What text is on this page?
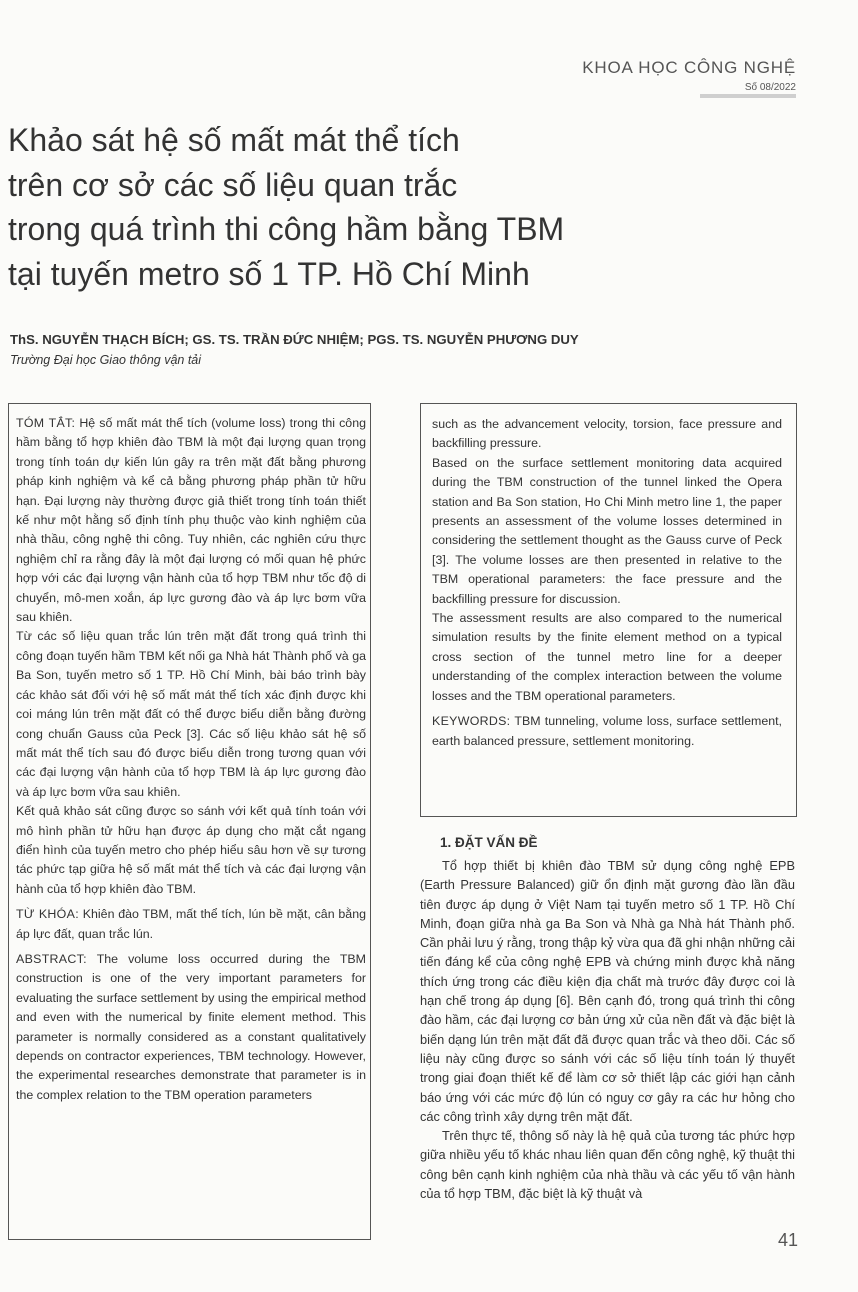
KHOA HỌC CÔNG NGHỆ
Số 08/2022
Khảo sát hệ số mất mát thể tích
trên cơ sở các số liệu quan trắc
trong quá trình thi công hầm bằng TBM
tại tuyến metro số 1 TP. Hồ Chí Minh
ThS. NGUYỄN THẠCH BÍCH; GS. TS. TRẦN ĐỨC NHIỆM; PGS. TS. NGUYỄN PHƯƠNG DUY
Trường Đại học Giao thông vận tải

TÓM TẮT: Hệ số mất mát thể tích (volume loss) trong thi công hầm bằng tổ hợp khiên đào TBM là một đại lượng quan trọng trong tính toán dự kiến lún gây ra trên mặt đất bằng phương pháp kinh nghiệm và kể cả bằng phương pháp phần tử hữu hạn. Đại lượng này thường được giả thiết trong tính toán thiết kế như một hằng số định tính phụ thuộc vào kinh nghiệm của nhà thầu, công nghệ thi công. Tuy nhiên, các nghiên cứu thực nghiệm chỉ ra rằng đây là một đại lượng có mối quan hệ phức hợp với các đại lượng vận hành của tổ hợp TBM như tốc độ di chuyển, mô-men xoắn, áp lực gương đào và áp lực bơm vữa sau khiên.

Từ các số liệu quan trắc lún trên mặt đất trong quá trình thi công đoạn tuyến hầm TBM kết nối ga Nhà hát Thành phố và ga Ba Son, tuyến metro số 1 TP. Hồ Chí Minh, bài báo trình bày các khảo sát đối với hệ số mất mát thể tích xác định được khi coi máng lún trên mặt đất có thể được biểu diễn bằng đường cong chuẩn Gauss của Peck [3]. Các số liệu khảo sát hệ số mất mát thể tích sau đó được biểu diễn trong tương quan với các đại lượng vận hành của tổ hợp TBM là áp lực gương đào và áp lực bơm vữa sau khiên.

Kết quả khảo sát cũng được so sánh với kết quả tính toán với mô hình phần tử hữu hạn được áp dụng cho mặt cắt ngang điển hình của tuyến metro cho phép hiểu sâu hơn về sự tương tác phức tạp giữa hệ số mất mát thể tích và các đại lượng vận hành của tổ hợp khiên đào TBM.

TỪ KHÓA: Khiên đào TBM, mất thể tích, lún bề mặt, cân bằng áp lực đất, quan trắc lún.

ABSTRACT: The volume loss occurred during the TBM construction is one of the very important parameters for evaluating the surface settlement by using the empirical method and even with the numerical by finite element method. This parameter is normally considered as a constant qualitatively depends on contractor experiences, TBM technology. However, the experimental researches demonstrate that parameter is in the complex relation to the TBM operation parameters

such as the advancement velocity, torsion, face pressure and backfilling pressure.

Based on the surface settlement monitoring data acquired during the TBM construction of the tunnel linked the Opera station and Ba Son station, Ho Chi Minh metro line 1, the paper presents an assessment of the volume losses determined in considering the settlement thought as the Gauss curve of Peck [3]. The volume losses are then presented in relative to the TBM operational parameters: the face pressure and the backfilling pressure for discussion.

The assessment results are also compared to the numerical simulation results by the finite element method on a typical cross section of the tunnel metro line for a deeper understanding of the complex interaction between the volume losses and the TBM operational parameters.

KEYWORDS: TBM tunneling, volume loss, surface settlement, earth balanced pressure, settlement monitoring.

1. ĐẶT VẤN ĐỀ

Tổ hợp thiết bị khiên đào TBM sử dụng công nghệ EPB (Earth Pressure Balanced) giữ ổn định mặt gương đào lần đầu tiên được áp dụng ở Việt Nam tại tuyến metro số 1 TP. Hồ Chí Minh, đoạn giữa nhà ga Ba Son và Nhà ga Nhà hát Thành phố. Cần phải lưu ý rằng, trong thập kỷ vừa qua đã ghi nhận những cải tiến đáng kể của công nghệ EPB và chứng minh được khả năng thích ứng trong các điều kiện địa chất mà trước đây được coi là hạn chế trong áp dụng [6]. Bên cạnh đó, trong quá trình thi công đào hầm, các đại lượng cơ bản ứng xử của nền đất và đặc biệt là biến dạng lún trên mặt đất đã được quan trắc và theo dõi. Các số liệu này cũng được so sánh với các số liệu tính toán lý thuyết trong giai đoạn thiết kế để làm cơ sở thiết lập các giới hạn cảnh báo ứng với các mức độ lún có nguy cơ gây ra các hư hỏng cho các công trình xây dựng trên mặt đất.

Trên thực tế, thông số này là hệ quả của tương tác phức hợp giữa nhiều yếu tố khác nhau liên quan đến công nghệ, kỹ thuật thi công bên cạnh kinh nghiệm của nhà thầu và các yếu tố vận hành của tổ hợp TBM, đặc biệt là kỹ thuật và

41
